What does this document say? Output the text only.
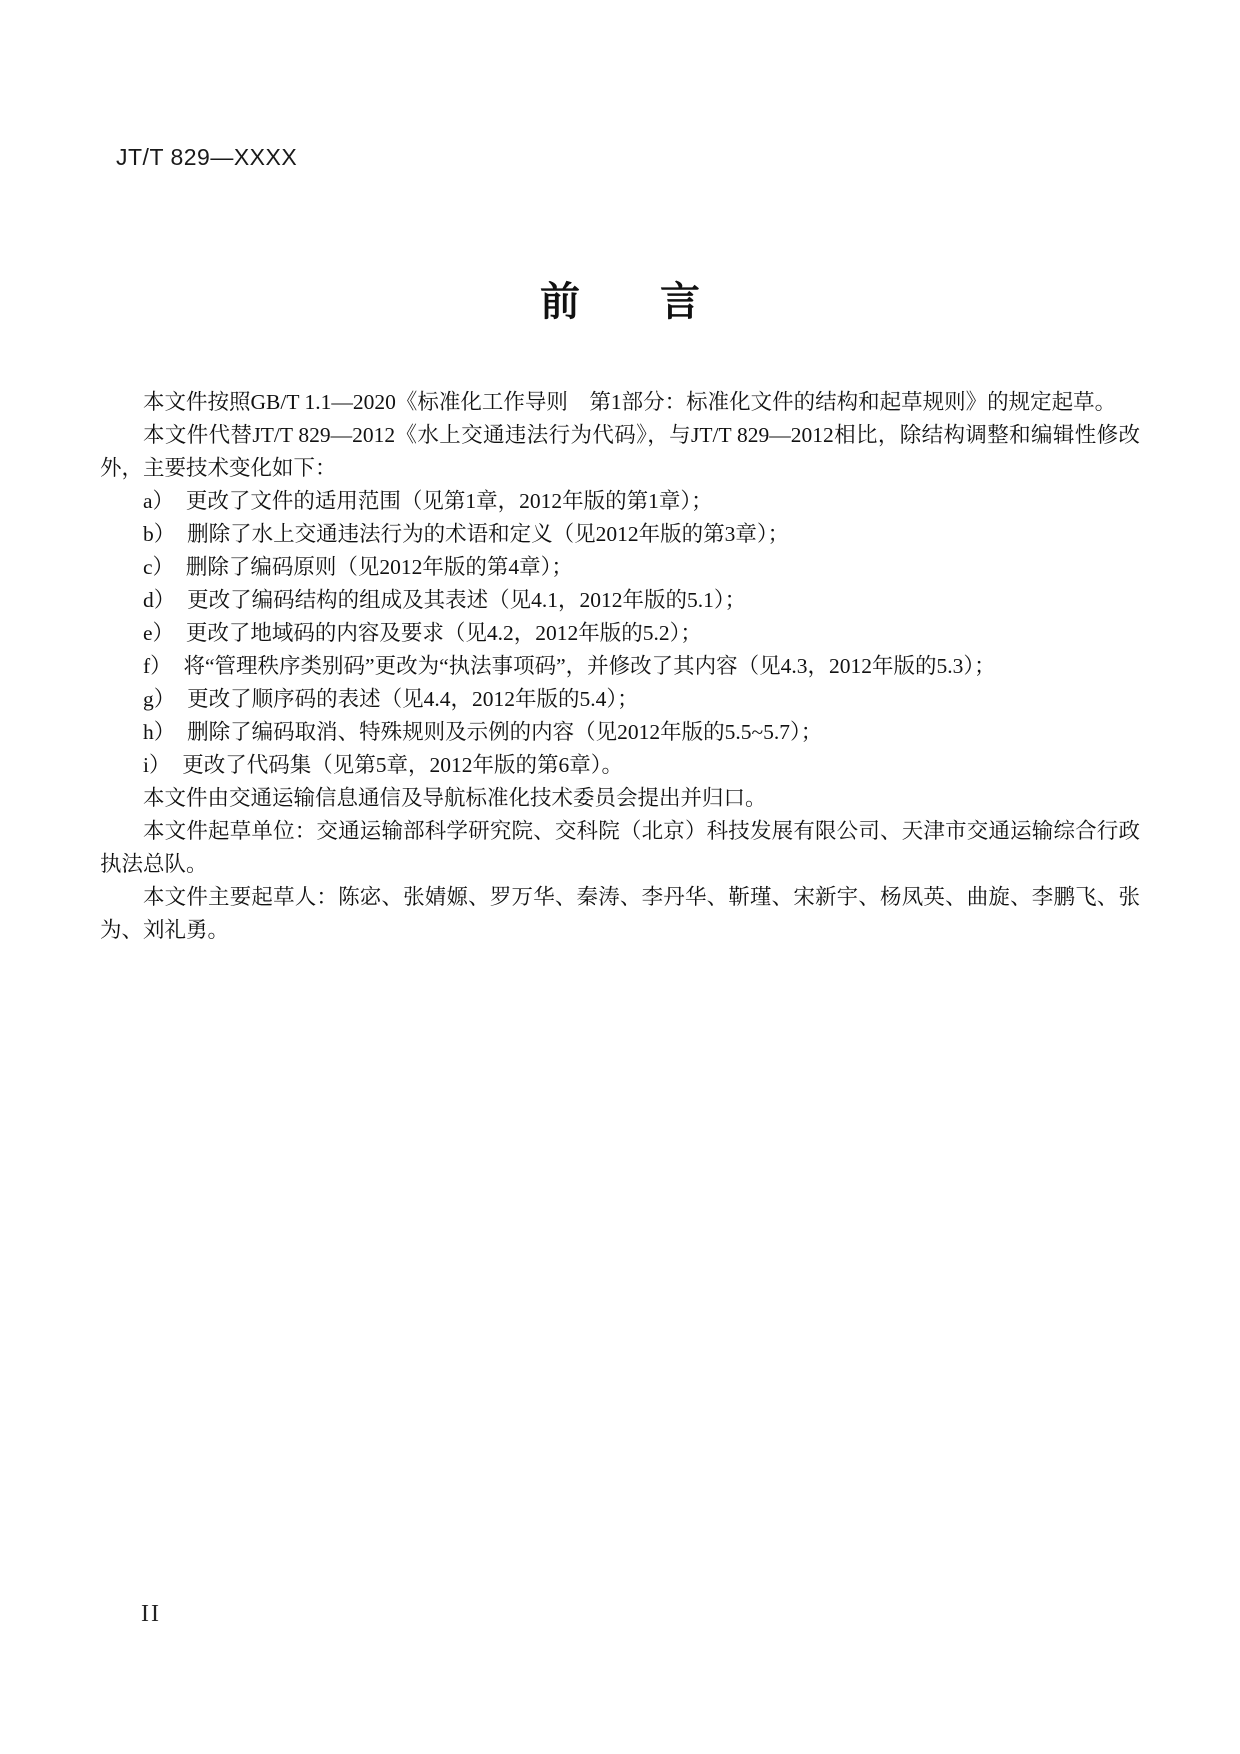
JT/T 829—XXXX
前　　言

本文件按照GB/T 1.1—2020《标准化工作导则　第1部分：标准化文件的结构和起草规则》的规定起草。

本文件代替JT/T 829—2012《水上交通违法行为代码》，与JT/T 829—2012相比，除结构调整和编辑性修改外，主要技术变化如下：

a） 更改了文件的适用范围（见第1章，2012年版的第1章）；
b） 删除了水上交通违法行为的术语和定义（见2012年版的第3章）；
c） 删除了编码原则（见2012年版的第4章）；
d） 更改了编码结构的组成及其表述（见4.1，2012年版的5.1）；
e） 更改了地域码的内容及要求（见4.2，2012年版的5.2）；
f） 将“管理秩序类别码”更改为“执法事项码”，并修改了其内容（见4.3，2012年版的5.3）；
g） 更改了顺序码的表述（见4.4，2012年版的5.4）；
h） 删除了编码取消、特殊规则及示例的内容（见2012年版的5.5~5.7）；
i） 更改了代码集（见第5章，2012年版的第6章）。

本文件由交通运输信息通信及导航标准化技术委员会提出并归口。

本文件起草单位：交通运输部科学研究院、交科院（北京）科技发展有限公司、天津市交通运输综合行政执法总队。

本文件主要起草人：陈宓、张婧嫄、罗万华、秦涛、李丹华、靳瑾、宋新宇、杨凤英、曲旋、李鹏飞、张为、刘礼勇。

II
